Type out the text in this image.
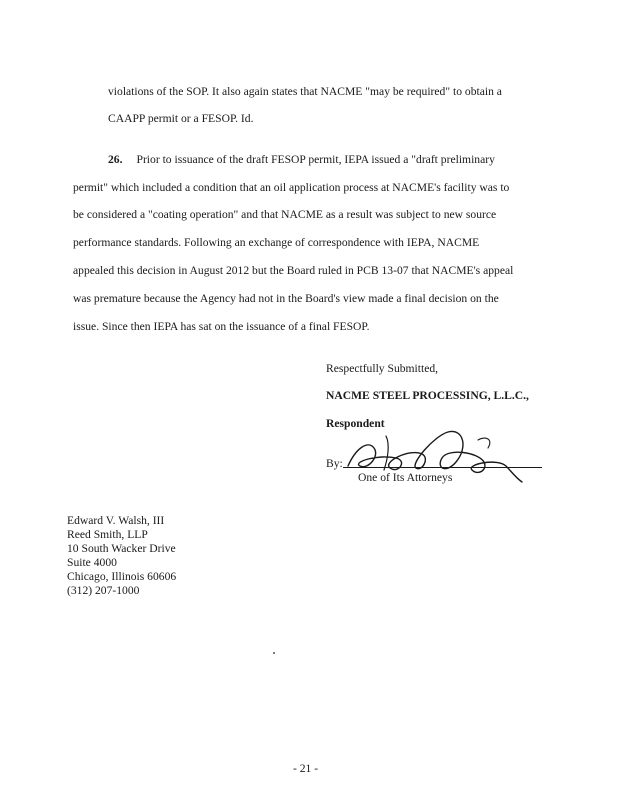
violations of the SOP. It also again states that NACME "may be required" to obtain a
CAAPP permit or a FESOP. Id.
26. Prior to issuance of the draft FESOP permit, IEPA issued a "draft preliminary
permit" which included a condition that an oil application process at NACME's facility was to
be considered a "coating operation" and that NACME as a result was subject to new source
performance standards. Following an exchange of correspondence with IEPA, NACME
appealed this decision in August 2012 but the Board ruled in PCB 13-07 that NACME's appeal
was premature because the Agency had not in the Board's view made a final decision on the
issue. Since then IEPA has sat on the issuance of a final FESOP.
Respectfully Submitted,
NACME STEEL PROCESSING, L.L.C.,
Respondent
By:
One of Its Attorneys
Edward V. Walsh, III
Reed Smith, LLP
10 South Wacker Drive
Suite 4000
Chicago, Illinois 60606
(312) 207-1000
- 21 -
